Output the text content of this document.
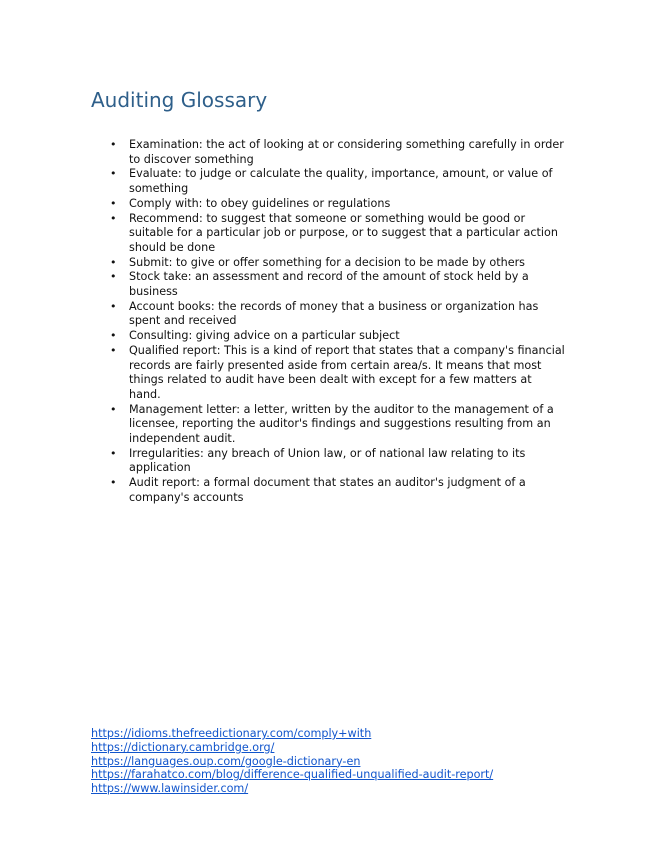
Auditing Glossary
• Examination: the act of looking at or considering something carefully in order to discover something
• Evaluate: to judge or calculate the quality, importance, amount, or value of something
• Comply with: to obey guidelines or regulations
• Recommend: to suggest that someone or something would be good or suitable for a particular job or purpose, or to suggest that a particular action should be done
• Submit: to give or offer something for a decision to be made by others
• Stock take: an assessment and record of the amount of stock held by a business
• Account books: the records of money that a business or organization has spent and received
• Consulting: giving advice on a particular subject
• Qualified report: This is a kind of report that states that a company's financial records are fairly presented aside from certain area/s. It means that most things related to audit have been dealt with except for a few matters at hand.
• Management letter: a letter, written by the auditor to the management of a licensee, reporting the auditor's findings and suggestions resulting from an independent audit.
• Irregularities: any breach of Union law, or of national law relating to its application
• Audit report: a formal document that states an auditor's judgment of a company's accounts
https://idioms.thefreedictionary.com/comply+with
https://dictionary.cambridge.org/
https://languages.oup.com/google-dictionary-en
https://farahatco.com/blog/difference-qualified-unqualified-audit-report/
https://www.lawinsider.com/
